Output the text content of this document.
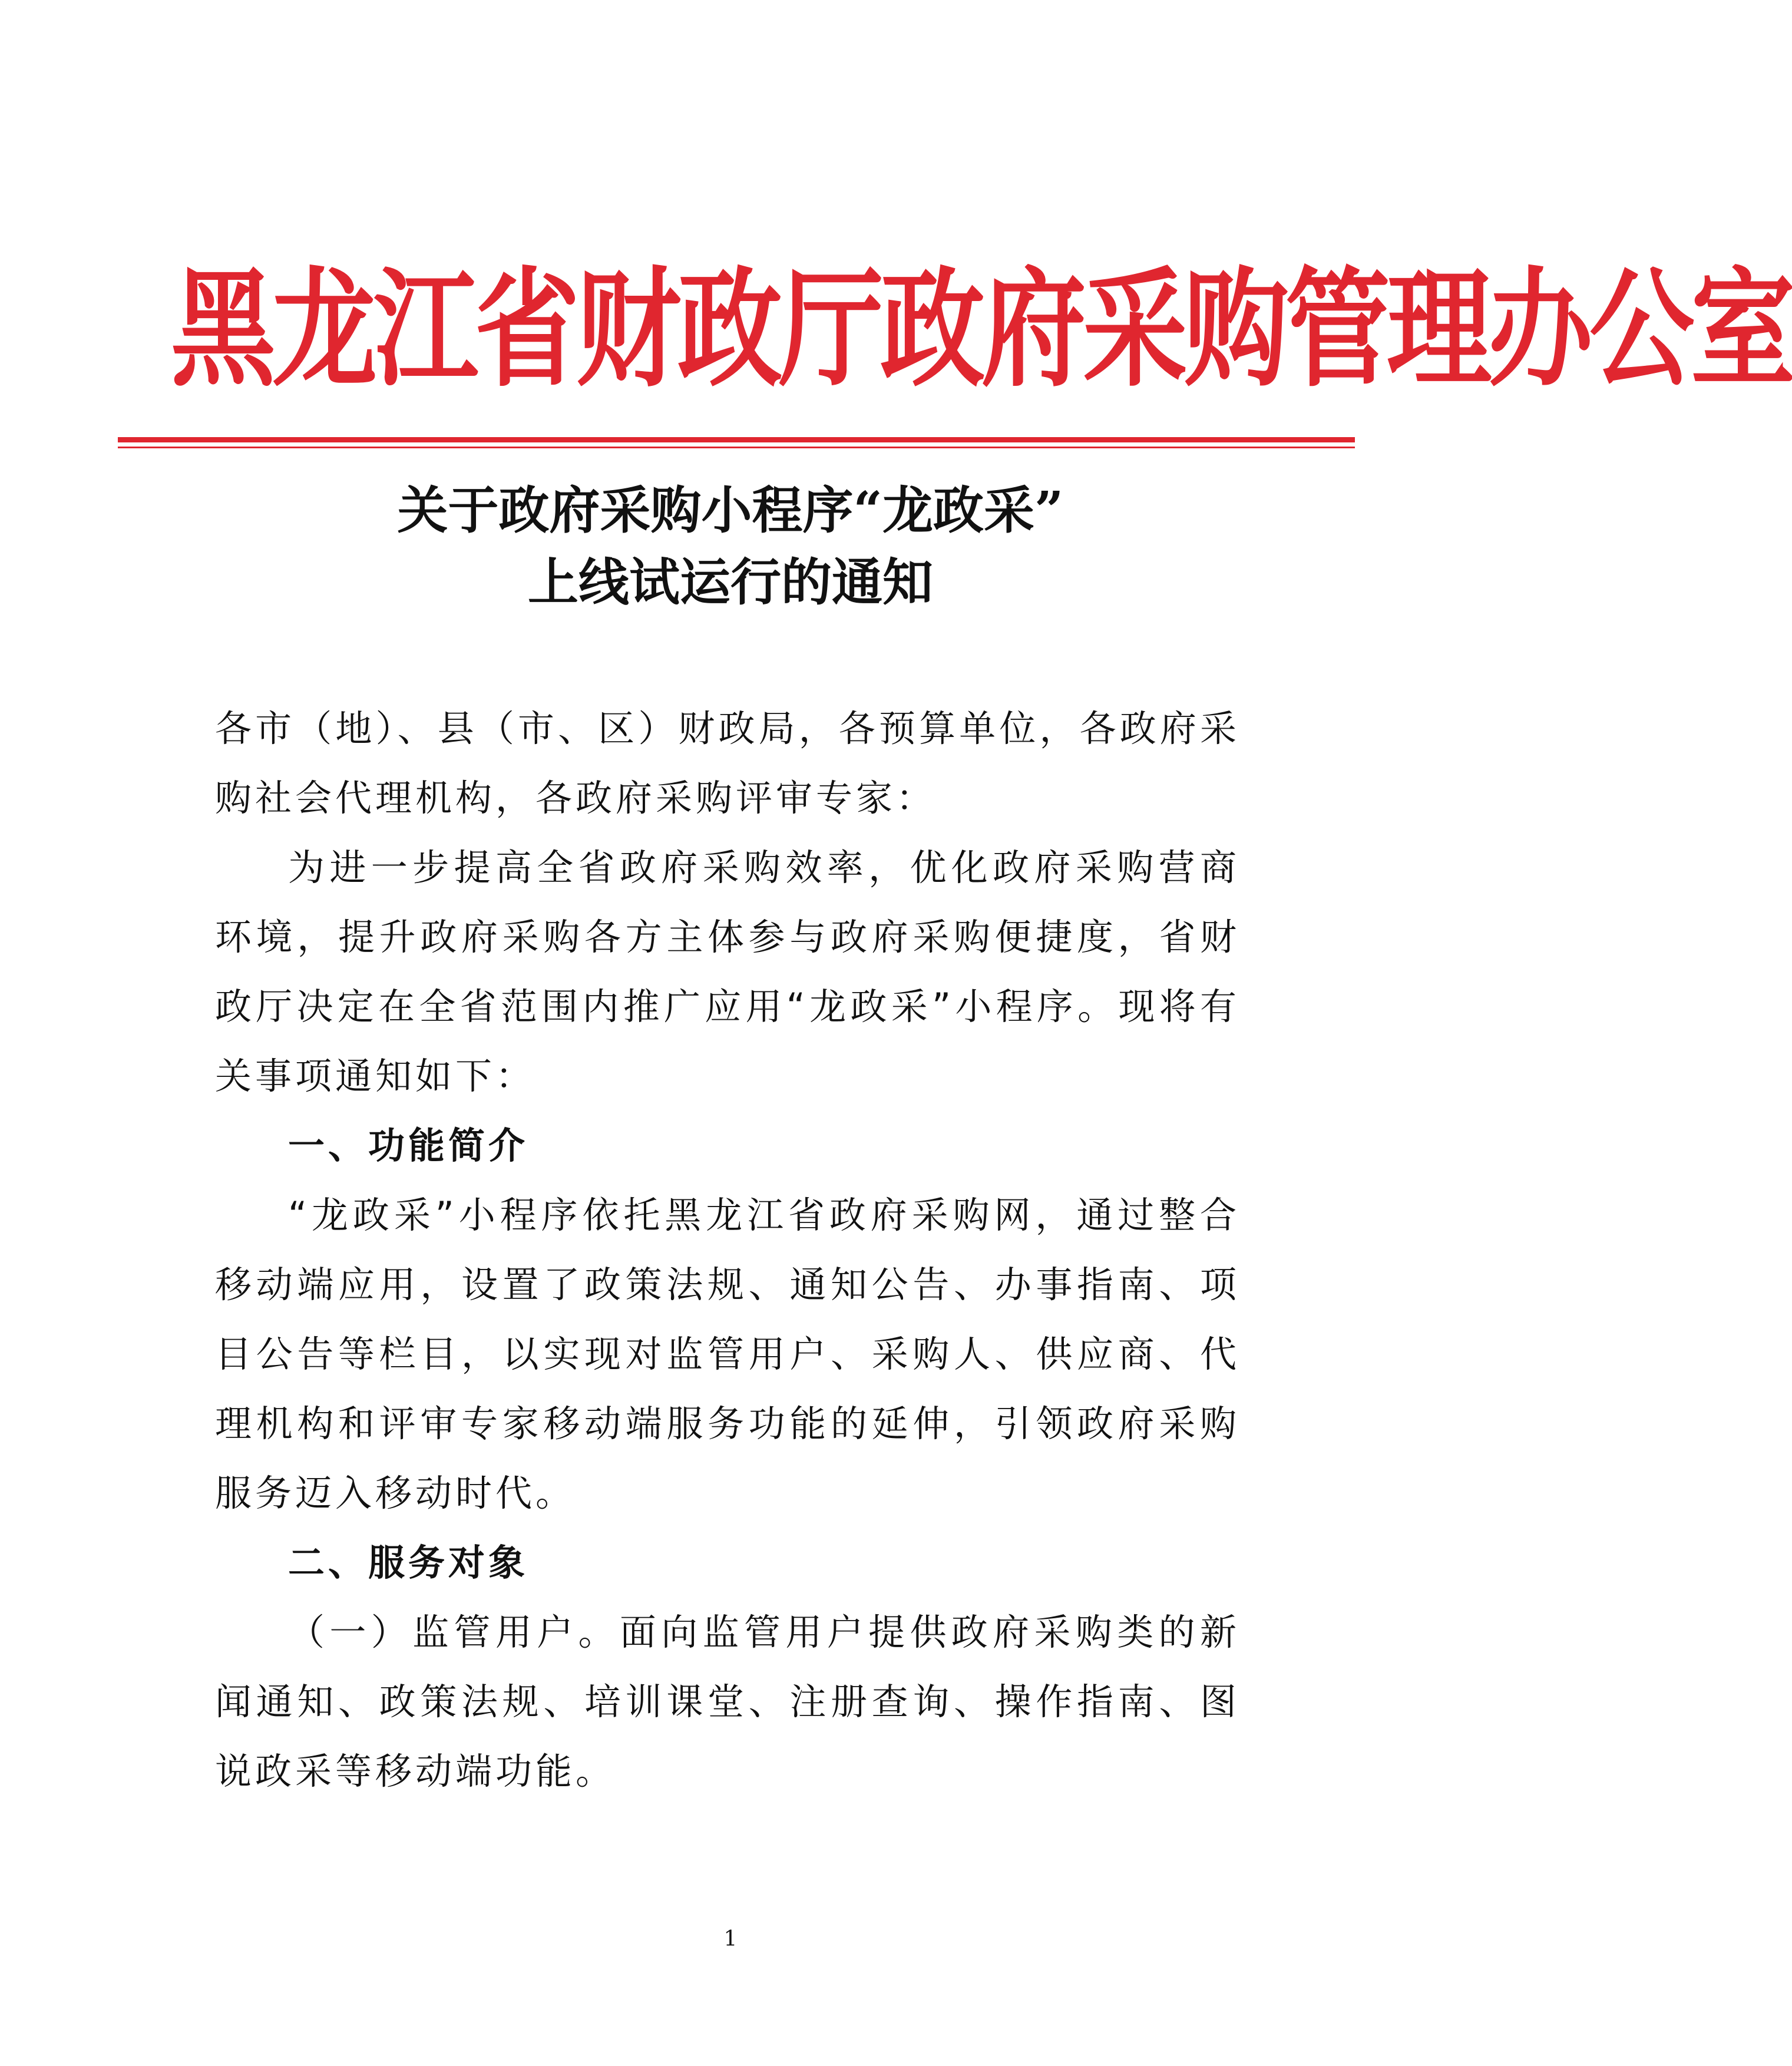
黑龙江省财政厅政府采购管理办公室
关于政府采购小程序“龙政采”
上线试运行的通知

各市（地）、县（市、区）财政局，各预算单位，各政府采购社会代理机构，各政府采购评审专家：

为进一步提高全省政府采购效率，优化政府采购营商环境，提升政府采购各方主体参与政府采购便捷度，省财政厅决定在全省范围内推广应用“龙政采”小程序。现将有关事项通知如下：

一、功能简介

“龙政采”小程序依托黑龙江省政府采购网，通过整合移动端应用，设置了政策法规、通知公告、办事指南、项目公告等栏目，以实现对监管用户、采购人、供应商、代理机构和评审专家移动端服务功能的延伸，引领政府采购服务迈入移动时代。

二、服务对象

（一）监管用户。面向监管用户提供政府采购类的新闻通知、政策法规、培训课堂、注册查询、操作指南、图说政采等移动端功能。

1
